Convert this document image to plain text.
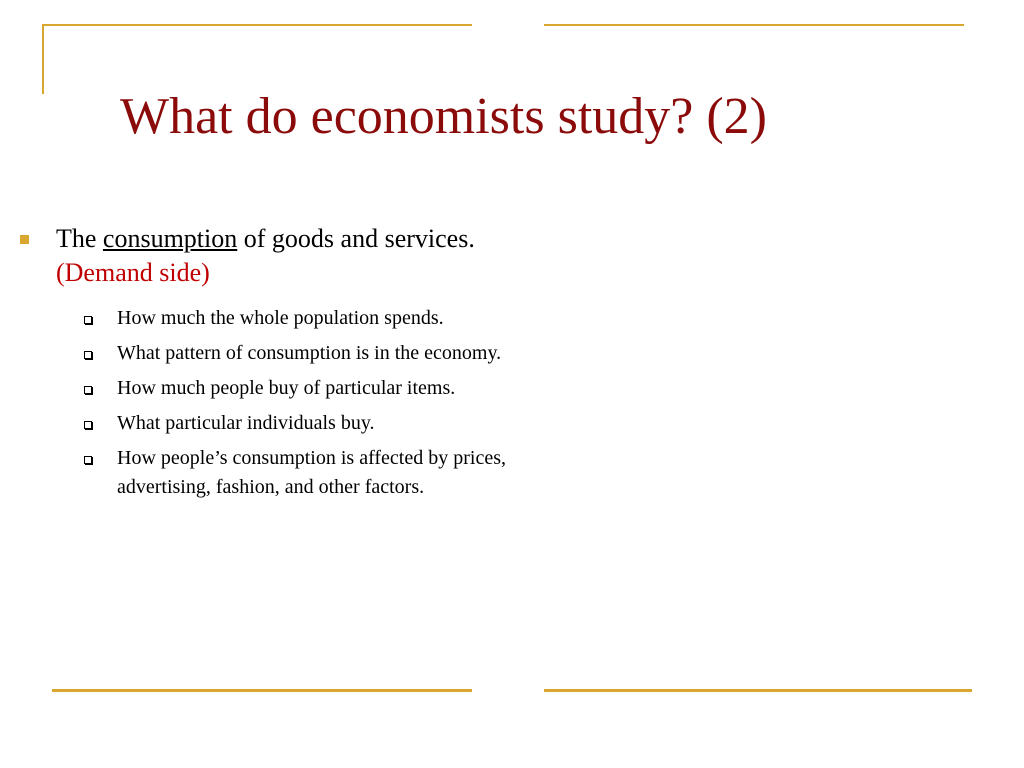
What do economists study? (2)
The consumption of goods and services. (Demand side)
How much the whole population spends.
What pattern of consumption is in the economy.
How much people buy of particular items.
What particular individuals buy.
How people’s consumption is affected by prices, advertising, fashion, and other factors.
